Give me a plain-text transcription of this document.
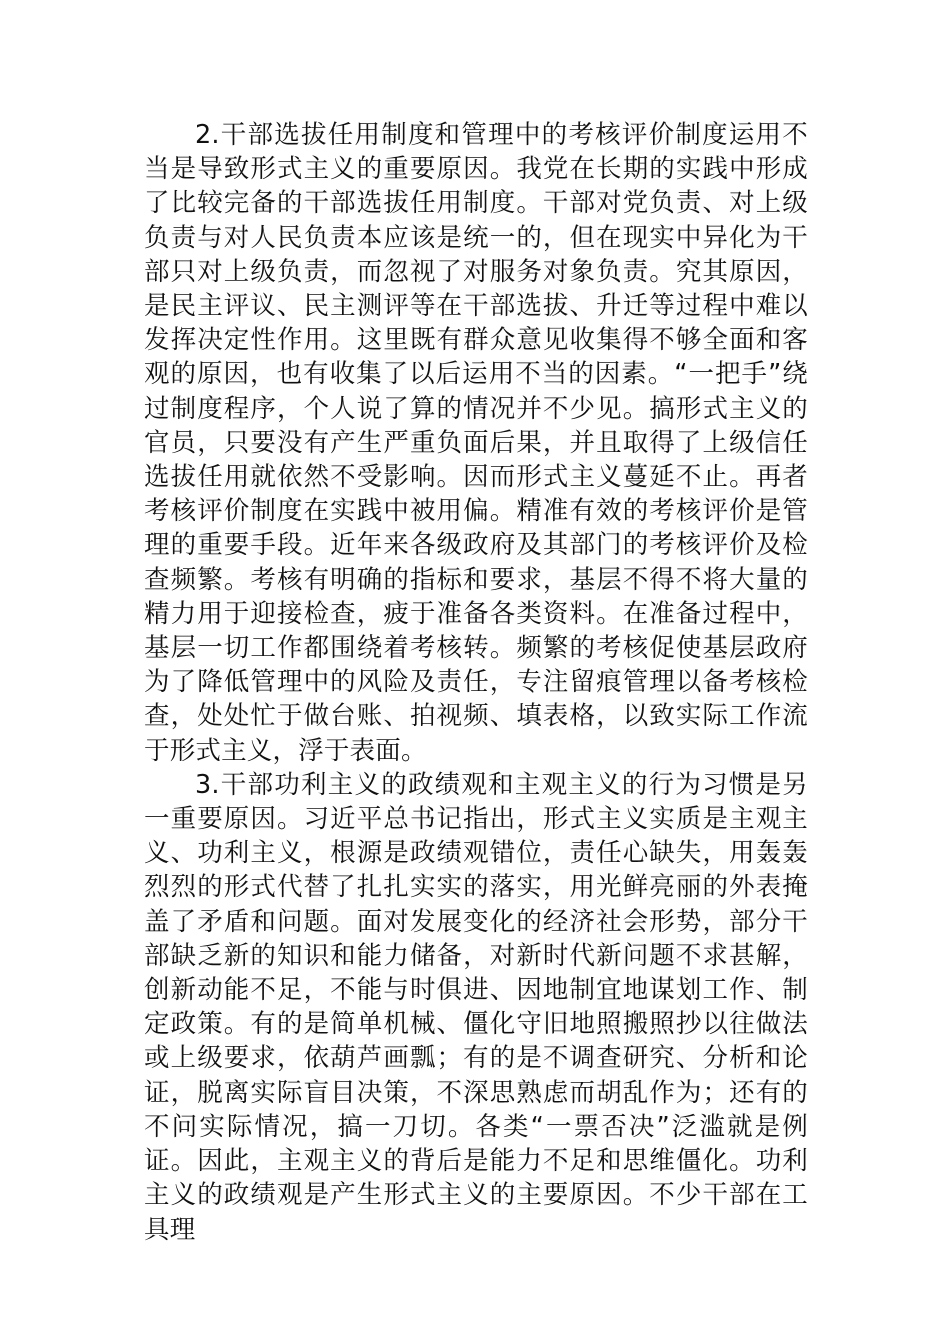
2.干部选拔任用制度和管理中的考核评价制度运用不当是导致形式主义的重要原因。我党在长期的实践中形成了比较完备的干部选拔任用制度。干部对党负责、对上级负责与对人民负责本应该是统一的，但在现实中异化为干部只对上级负责，而忽视了对服务对象负责。究其原因，是民主评议、民主测评等在干部选拔、升迁等过程中难以发挥决定性作用。这里既有群众意见收集得不够全面和客观的原因，也有收集了以后运用不当的因素。“一把手”绕过制度程序，个人说了算的情况并不少见。搞形式主义的官员，只要没有产生严重负面后果，并且取得了上级信任选拔任用就依然不受影响。因而形式主义蔓延不止。再者考核评价制度在实践中被用偏。精准有效的考核评价是管理的重要手段。近年来各级政府及其部门的考核评价及检查频繁。考核有明确的指标和要求，基层不得不将大量的精力用于迎接检查，疲于准备各类资料。在准备过程中，基层一切工作都围绕着考核转。频繁的考核促使基层政府为了降低管理中的风险及责任，专注留痕管理以备考核检查，处处忙于做台账、拍视频、填表格，以致实际工作流于形式主义，浮于表面。

3.干部功利主义的政绩观和主观主义的行为习惯是另一重要原因。习近平总书记指出，形式主义实质是主观主义、功利主义，根源是政绩观错位，责任心缺失，用轰轰烈烈的形式代替了扎扎实实的落实，用光鲜亮丽的外表掩盖了矛盾和问题。面对发展变化的经济社会形势，部分干部缺乏新的知识和能力储备，对新时代新问题不求甚解，创新动能不足，不能与时俱进、因地制宜地谋划工作、制定政策。有的是简单机械、僵化守旧地照搬照抄以往做法或上级要求，依葫芦画瓢；有的是不调查研究、分析和论证，脱离实际盲目决策，不深思熟虑而胡乱作为；还有的不问实际情况，搞一刀切。各类“一票否决”泛滥就是例证。因此，主观主义的背后是能力不足和思维僵化。功利主义的政绩观是产生形式主义的主要原因。不少干部在工具理
